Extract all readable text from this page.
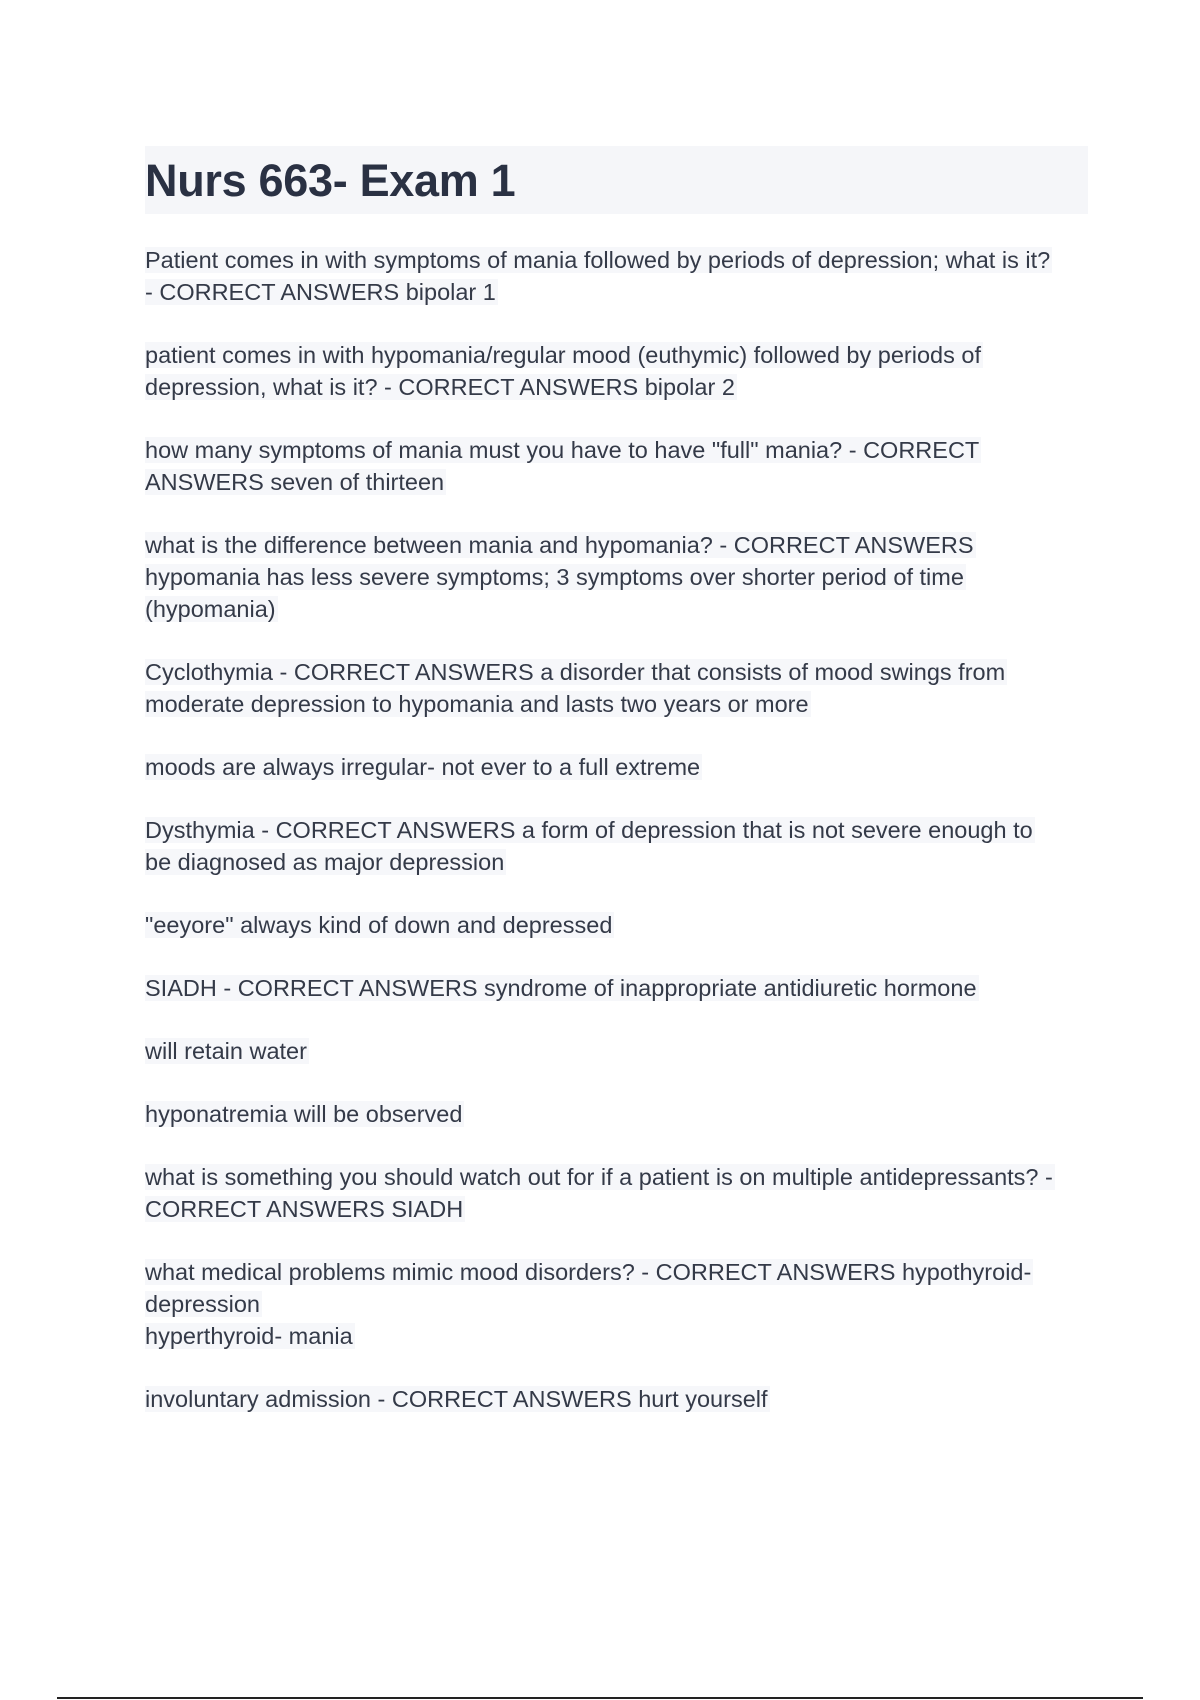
Nurs 663- Exam 1

Patient comes in with symptoms of mania followed by periods of depression; what is it?
- CORRECT ANSWERS bipolar 1

patient comes in with hypomania/regular mood (euthymic) followed by periods of
depression, what is it? - CORRECT ANSWERS bipolar 2

how many symptoms of mania must you have to have "full" mania? - CORRECT
ANSWERS seven of thirteen

what is the difference between mania and hypomania? - CORRECT ANSWERS
hypomania has less severe symptoms; 3 symptoms over shorter period of time
(hypomania)

Cyclothymia - CORRECT ANSWERS a disorder that consists of mood swings from
moderate depression to hypomania and lasts two years or more

moods are always irregular- not ever to a full extreme

Dysthymia - CORRECT ANSWERS a form of depression that is not severe enough to
be diagnosed as major depression

"eeyore" always kind of down and depressed

SIADH - CORRECT ANSWERS syndrome of inappropriate antidiuretic hormone

will retain water

hyponatremia will be observed

what is something you should watch out for if a patient is on multiple antidepressants? -
CORRECT ANSWERS SIADH

what medical problems mimic mood disorders? - CORRECT ANSWERS hypothyroid-
depression
hyperthyroid- mania

involuntary admission - CORRECT ANSWERS hurt yourself
